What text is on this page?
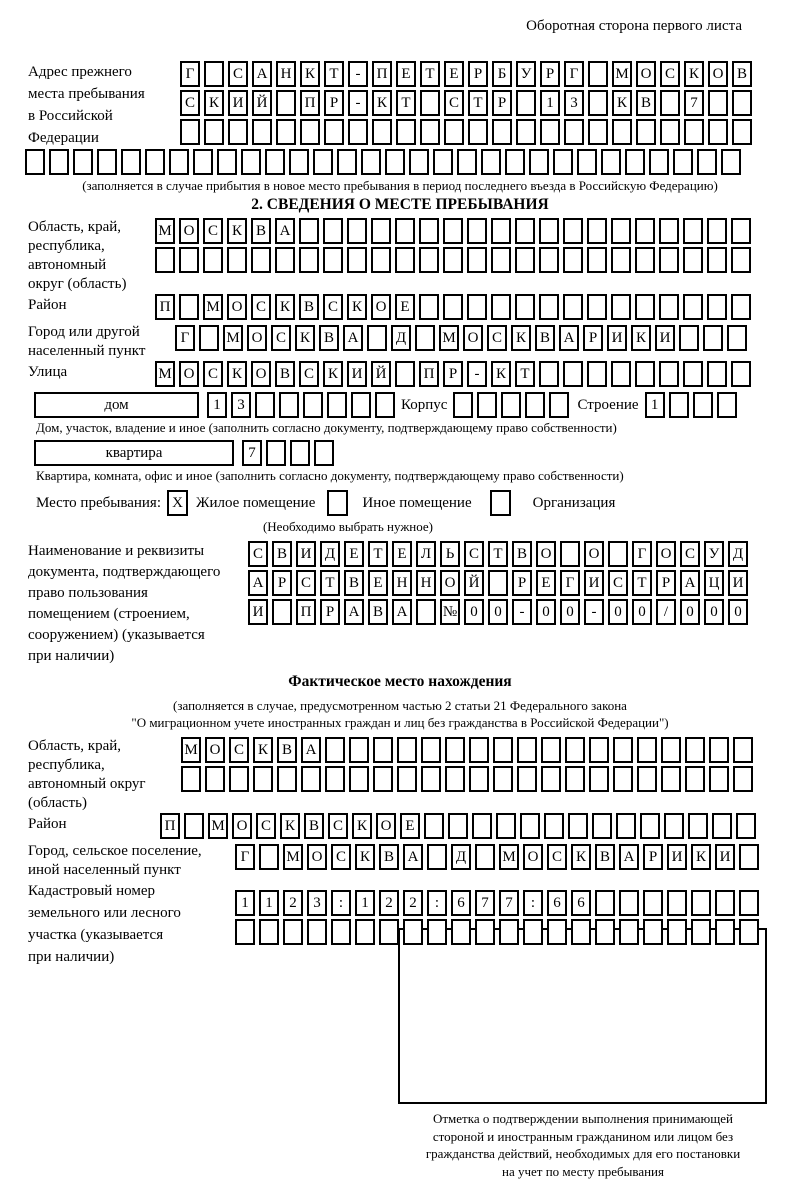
Оборотная сторона первого листа
Адрес прежнего
места пребывания
в Российской
Федерации
Г	С А Н К Т	-	П Е Т Е	Р	Б У Р	Г	М О С К О В
С К И Й	П Р	-	К Т	С Т	Р	1	3	К В	7
(заполняется в случае прибытия в новое место пребывания в период последнего въезда в Российскую Федерацию)
2. СВЕДЕНИЯ О МЕСТЕ ПРЕБЫВАНИЯ
Область, край,
республика,
автономный
округ (область)
М О С К В А
Район	П	М О С К В С К О Е
Город или другой
населенный пункт
Г	М О С К В А	Д	М О С К В А Р И К И
Улица	М О С К О В С К И Й	П Р	-	К Т
дом	1	3	Корпус	Строение 1
Дом, участок, владение и иное (заполнить согласно документу, подтверждающему право собственности)
квартира	7
Квартира, комната, офис и иное (заполнить согласно документу, подтверждающему право собственности)
Место пребывания: X Жилое помещение	Иное помещение	Организация
(Необходимо выбрать нужное)
Наименование и реквизиты
документа, подтверждающего
право пользования
помещением (строением,
сооружением) (указывается
при наличии)
С В И Д Е Т Е Л Ь С Т В О	О	Г О С У Д
А Р С Т В Е Н Н О Й	Р	Е	Г И С Т	Р А Ц И
И	П Р А В А	№ 0	0	-	0	0	-	0	0	/	0	0	0
Фактическое место нахождения
(заполняется в случае, предусмотренном частью 2 статьи 21 Федерального закона
"О миграционном учете иностранных граждан и лиц без гражданства в Российской Федерации")
Область, край,
республика,
автономный округ
(область)
М О С К В А
Район	П	М О С К В С К О Е
Город, сельское поселение,
иной населенный пункт
Г	М О С К В А	Д	М О С К В А Р И К И
Кадастровый номер
земельного или лесного
участка (указывается
при наличии)
1	1	2	3	:	1	2	2	:	6	7	7	:	6	6
Отметка о подтверждении выполнения принимающей
стороной и иностранным гражданином или лицом без
гражданства действий, необходимых для его постановки
на учет по месту пребывания
